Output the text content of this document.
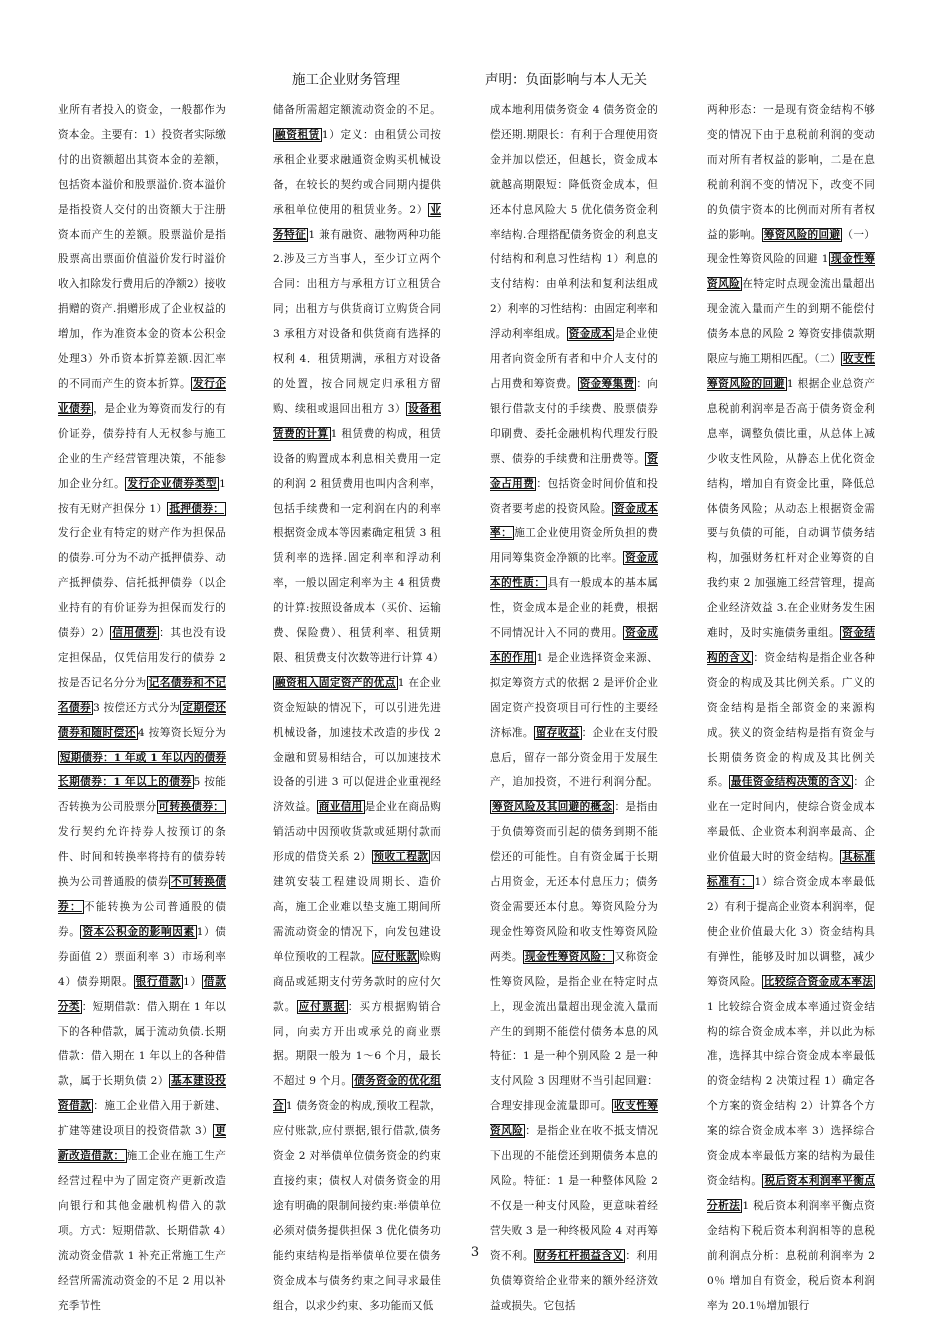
施工企业财务管理	声明：负面影响与本人无关
业所有者投入的资金，一般都作为资本金。主要有：1）投资者实际缴付的出资额超出其资本金的差额，包括资本溢价和股票溢价.资本溢价是指投资人交付的出资额大于注册资本而产生的差额。股票溢价是指股票高出票面价值溢价发行时溢价收入扣除发行费用后的净额2）接收捐赠的资产.捐赠形成了企业权益的增加，作为准资本金的资本公积金处理3）外币资本折算差额.因汇率的不同而产生的资本折算。 发行企业债券 ，是企业为筹资而发行的有价证券，债券持有人无权参与施工企业的生产经营管理决策，不能参加企业分红。 发行企业债券类型 1 按有无财产担保分 1） 抵押债券：发行企业有特定的财产作为担保品的债券.可分为不动产抵押债券、动产抵押债券、信托抵押债券（以企业持有的有价证券为担保而发行的债券）2） 信用债券 ：其也没有设定担保品，仅凭信用发行的债券 2 按是否记名分分为 记名债券和不记名债券 3 按偿还方式分为 定期偿还债券和随时偿还 4 按筹资长短分为短期债券：1 年或 1 年以内的债券长期债券：1 年以上的债券 5 按能否转换为公司股票分 可转换债券：发行契约允许持券人按预订的条件、时间和转换率将持有的债券转换为公司普通股的债券 不可转换债券： 不能转换为公司普通股的债券。 资本公积金的影响因素 1）债券面值 2）票面利率 3）市场利率 4）债券期限。 银行借款 1） 借款分类 ：短期借款：借入期在 1 年以下的各种借款，属于流动负债.长期借款：借入期在 1 年以上的各种借款，属于长期负债 2） 基本建设投资借款 ：施工企业借入用于新建、扩建等建设项目的投资借款 3） 更新改造借款： 施工企业在施工生产经营过程中为了固定资产更新改造向银行和其他金融机构借入的款项。方式：短期借款、长期借款 4）流动资金借款 1 补充正常施工生产经营所需流动资金的不足 2 用以补充季节性
储备所需超定额流动资金的不足。融资租赁 1）定义：由租赁公司按承租企业要求融通资金购买机械设备，在较长的契约或合同期内提供承租单位使用的租赁业务。2） 业务特征 1 兼有融资、融物两种功能 2.涉及三方当事人，至少订立两个合同：出租方与承租方订立租赁合同；出租方与供货商订立购货合同 3 承租方对设备和供货商有选择的权利 4．租赁期满，承租方对设备的处置，按合同规定归承租方留购、续租或退回出租方 3） 设备租赁费的计算 1 租赁费的构成，租赁设备的购置成本利息相关费用一定的利润 2 租赁费用也叫内含利率，包括手续费和一定利润在内的利率根据资金成本等因素确定租赁 3 租赁利率的选择.固定利率和浮动利率，一般以固定利率为主 4 租赁费的计算:按照设备成本（买价、运输费、保险费）、租赁利率、租赁期限、租赁费支付次数等进行计算 4）融资租入固定资产的优点 1 在企业资金短缺的情况下，可以引进先进机械设备，加速技术改造的步伐 2 金融和贸易相结合，可以加速技术设备的引进 3 可以促进企业重视经济效益。 商业信用 是企业在商品购销活动中因预收货款或延期付款而形成的借贷关系 2） 预收工程款 因建筑安装工程建设周期长、造价高，施工企业难以垫支施工期间所需流动资金的情况下，向发包建设单位预收的工程款。 应付账款 赊购商品或延期支付劳务款时的应付欠款。 应付票据 ：买方根据购销合同，向卖方开出或承兑的商业票据。期限一般为 1～6 个月，最长不超过 9 个月。 债务资金的优化组合 1 债务资金的构成,预收工程款，应付账款,应付票据,银行借款,债务资金 2 对举债单位债务资金的约束直接约束；债权人对债务资金的用途有明确的限制间接约束:举债单位必须对债务提供担保 3 优化债务功能约束结构是指举债单位要在债务资金成本与债务约束之间寻求最佳组合，以求少约束、多功能而又低
成本地利用债务资金 4 债务资金的偿还期.期限长：有利于合理使用资金并加以偿还，但越长，资金成本就越高期限短：降低资金成本，但还本付息风险大 5 优化债务资金利率结构.合理搭配债务资金的利息支付结构和利息习性结构 1）利息的支付结构：由单利法和复利法组成 2）利率的习性结构：由固定利率和浮动利率组成。 资金成本 是企业使用者向资金所有者和中介人支付的占用费和筹资费。 资金筹集费 ：向银行借款支付的手续费、股票债券印刷费、委托金融机构代理发行股票、债券的手续费和注册费等。 资金占用费 ：包括资金时间价值和投资者要考虑的投资风险。 资金成本率： 施工企业使用资金所负担的费用同筹集资金净额的比率。 资金成本的性质： 具有一般成本的基本属性，资金成本是企业的耗费，根据不同情况计入不同的费用。 资金成本的作用 1 是企业选择资金来源、拟定筹资方式的依据 2 是评价企业固定资产投资项目可行性的主要经济标准。 留存收益 ：企业在支付股息后，留存一部分资金用于发展生产，追加投资，不进行利润分配。筹资风险及其回避的概念 ：是指由于负债筹资而引起的债务到期不能偿还的可能性。自有资金属于长期占用资金，无还本付息压力；债务资金需要还本付息。筹资风险分为现金性筹资风险和收支性筹资风险两类。 现金性筹资风险： 又称资金性筹资风险，是指企业在特定时点上，现金流出量超出现金流入量而产生的到期不能偿付债务本息的风特征：1 是一种个别风险 2 是一种支付风险 3 因理财不当引起回避：合理安排现金流量即可。 收支性筹资风险 ：是指企业在收不抵支情况下出现的不能偿还到期债务本息的风险。特征：1 是一种整体风险 2 不仅是一种支付风险，更意味着经营失败 3 是一种终极风险 4 对再筹资不利。 财务杠杆损益含义 ：利用负债筹资给企业带来的额外经济效益或损失。它包括
两种形态：一是现有资金结构不够变的情况下由于息税前利润的变动而对所有者权益的影响，二是在息税前利润不变的情况下，改变不同的负债宇资本的比例而对所有者权益的影响。 筹资风险的回避 （一）现金性筹资风险的回避 1 现金性筹资风险 在特定时点现金流出量超出现金流入量而产生的到期不能偿付债务本息的风险 2 筹资安排债款期限应与施工期相匹配。（二） 收支性筹资风险的回避 1 根据企业总资产息税前利润率是否高于债务资金利息率，调整负债比重，从总体上减少收支性风险，从静态上优化资金结构，增加自有资金比重，降低总体债务风险；从动态上根据资金需要与负债的可能，自动调节债务结构，加强财务杠杆对企业筹资的自我约束 2 加强施工经营管理，提高企业经济效益 3.在企业财务发生困难时，及时实施债务重组。 资金结构的含义 ：资金结构是指企业各种资金的构成及其比例关系。广义的资金结构是指全部资金的来源构成。狭义的资金结构是指有资金与长期债务资金的构成及其比例关系。 最佳资金结构决策的含义 ：企业在一定时间内，使综合资金成本率最低、企业资本利润率最高、企业价值最大时的资金结构。 其标准标准有： 1）综合资金成本率最低 2）有利于提高企业资本利润率，促使企业价值最大化 3）资金结构具有弹性，能够及时加以调整，减少筹资风险。 比较综合资金成本率法1 比较综合资金成本率通过资金结构的综合资金成本率，并以此为标准，选择其中综合资金成本率最低的资金结构 2 决策过程 1）确定各个方案的资金结构 2）计算各个方案的综合资金成本率 3）选择综合资金成本率最低方案的结构为最佳资金结构。 税后资本利润率平衡点分析法 1 税后资本利润率平衡点资金结构下税后资本利润相等的息税前利润点分析：息税前利润率为 20％ 增加自有资金，税后资本利润率为 20.1％增加银行
3
